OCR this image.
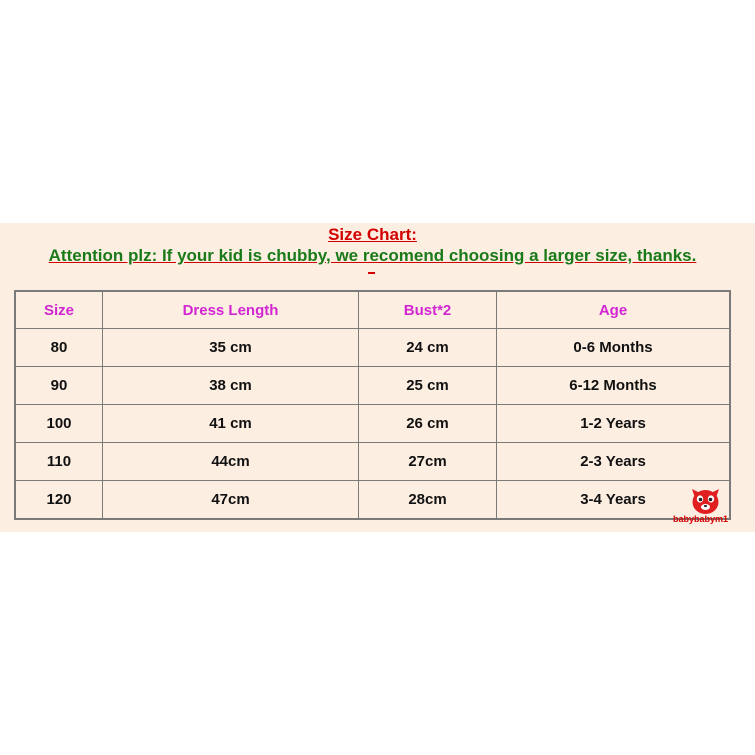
Size Chart:
Attention plz: If your kid is chubby, we recomend choosing a larger size, thanks.
Size	Dress Length	Bust*2	Age
80	35 cm	24 cm	0-6 Months
90	38 cm	25 cm	6-12 Months
100	41 cm	26 cm	1-2 Years
110	44cm	27cm	2-3 Years
120	47cm	28cm	3-4 Years
babybabym1
